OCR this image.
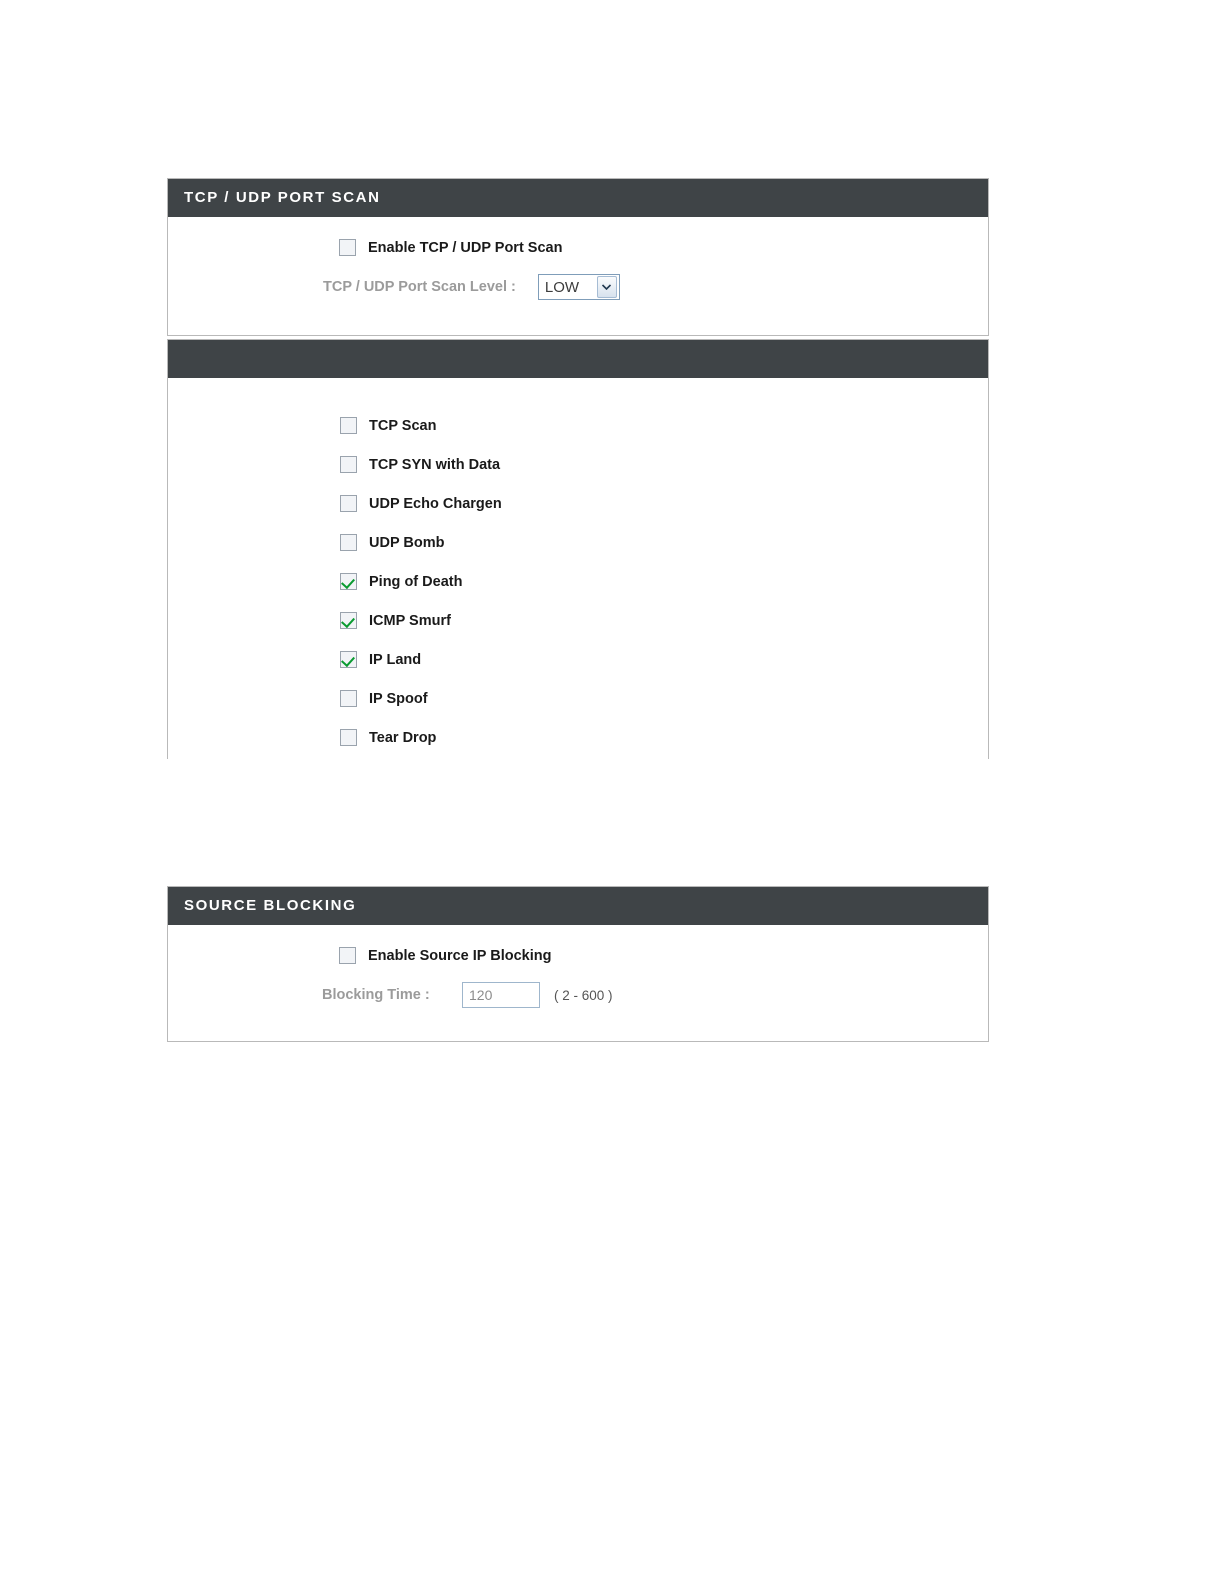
TCP / UDP PORT SCAN
Enable TCP / UDP Port Scan
TCP / UDP Port Scan Level : LOW
TCP Scan
TCP SYN with Data
UDP Echo Chargen
UDP Bomb
Ping of Death
ICMP Smurf
IP Land
IP Spoof
Tear Drop
SOURCE BLOCKING
Enable Source IP Blocking
Blocking Time :
120	( 2 - 600 )
